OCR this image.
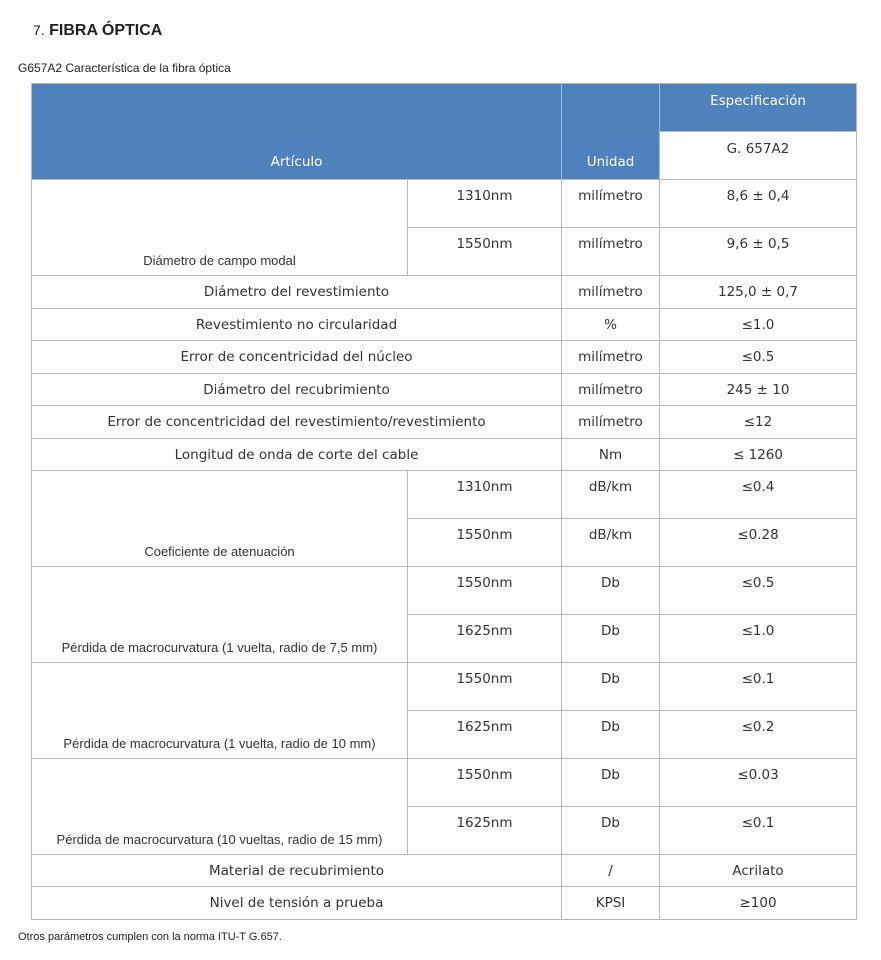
7. FIBRA ÓPTICA
G657A2 Característica de la fibra óptica
Artículo		Unidad	Especificación
			G. 657A2
Diámetro de campo modal	1310nm	milímetro	8,6 ± 0,4
	1550nm	milímetro	9,6 ± 0,5
Diámetro del revestimiento		milímetro	125,0 ± 0,7
Revestimiento no circularidad		%	≤1.0
Error de concentricidad del núcleo		milímetro	≤0.5
Diámetro del recubrimiento		milímetro	245 ± 10
Error de concentricidad del revestimiento/revestimiento		milímetro	≤12
Longitud de onda de corte del cable		Nm	≤ 1260
Coeficiente de atenuación	1310nm	dB/km	≤0.4
	1550nm	dB/km	≤0.28
Pérdida de macrocurvatura (1 vuelta, radio de 7,5 mm)	1550nm	Db	≤0.5
	1625nm	Db	≤1.0
Pérdida de macrocurvatura (1 vuelta, radio de 10 mm)	1550nm	Db	≤0.1
	1625nm	Db	≤0.2
Pérdida de macrocurvatura (10 vueltas, radio de 15 mm)	1550nm	Db	≤0.03
	1625nm	Db	≤0.1
Material de recubrimiento		/	Acrilato
Nivel de tensión a prueba		KPSI	≥100
Otros parámetros cumplen con la norma ITU-T G.657.
